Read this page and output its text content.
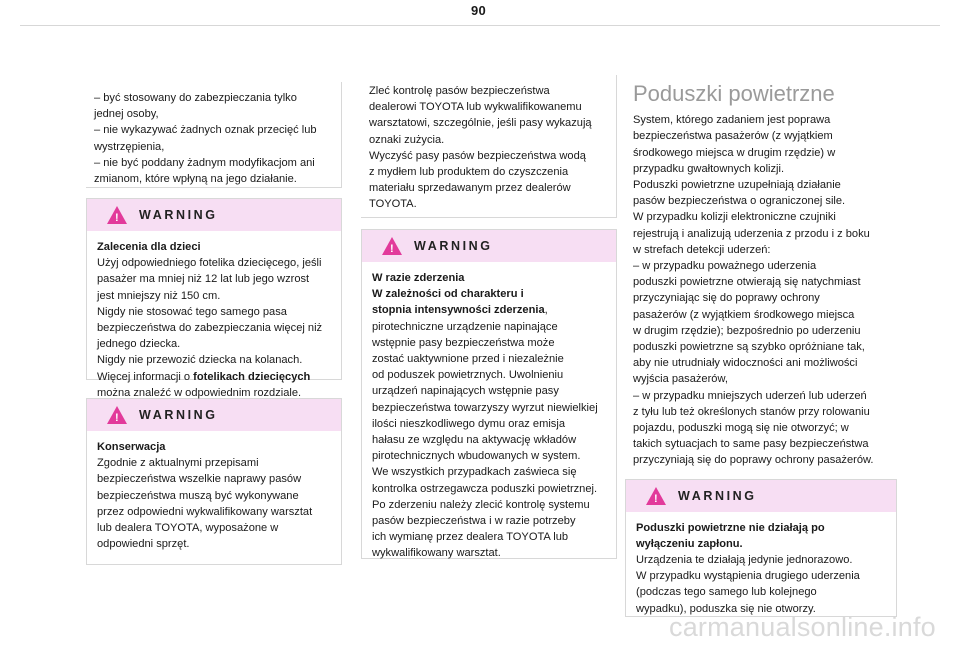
90
– być stosowany do zabezpieczania tylko
jednej osoby,
– nie wykazywać żadnych oznak przecięć lub
wystrzępienia,
– nie być poddany żadnym modyfikacjom ani
zmianom, które wpłyną na jego działanie.
! WARNING
Zalecenia dla dzieci
Użyj odpowiedniego fotelika dziecięcego, jeśli
pasażer ma mniej niż 12 lat lub jego wzrost
jest mniejszy niż 150 cm.
Nigdy nie stosować tego samego pasa
bezpieczeństwa do zabezpieczania więcej niż
jednego dziecka.
Nigdy nie przewozić dziecka na kolanach.
Więcej informacji o fotelikach dziecięcych
można znaleźć w odpowiednim rozdziale.
! WARNING
Konserwacja
Zgodnie z aktualnymi przepisami
bezpieczeństwa wszelkie naprawy pasów
bezpieczeństwa muszą być wykonywane
przez odpowiedni wykwalifikowany warsztat
lub dealera TOYOTA, wyposażone w
odpowiedni sprzęt.
Zleć kontrolę pasów bezpieczeństwa
dealerowi TOYOTA lub wykwalifikowanemu
warsztatowi, szczególnie, jeśli pasy wykazują
oznaki zużycia.
Wyczyść pasy pasów bezpieczeństwa wodą
z mydłem lub produktem do czyszczenia
materiału sprzedawanym przez dealerów
TOYOTA.
! WARNING
W razie zderzenia
W zależności od charakteru i
stopnia intensywności zderzenia,
pirotechniczne urządzenie napinające
wstępnie pasy bezpieczeństwa może
zostać uaktywnione przed i niezależnie
od poduszek powietrznych. Uwolnieniu
urządzeń napinających wstępnie pasy
bezpieczeństwa towarzyszy wyrzut niewielkiej
ilości nieszkodliwego dymu oraz emisja
hałasu ze względu na aktywację wkładów
pirotechnicznych wbudowanych w system.
We wszystkich przypadkach zaświeca się
kontrolka ostrzegawcza poduszki powietrznej.
Po zderzeniu należy zlecić kontrolę systemu
pasów bezpieczeństwa i w razie potrzeby
ich wymianę przez dealera TOYOTA lub
wykwalifikowany warsztat.
Poduszki powietrzne
System, którego zadaniem jest poprawa
bezpieczeństwa pasażerów (z wyjątkiem
środkowego miejsca w drugim rzędzie) w
przypadku gwałtownych kolizji.
Poduszki powietrzne uzupełniają działanie
pasów bezpieczeństwa o ograniczonej sile.
W przypadku kolizji elektroniczne czujniki
rejestrują i analizują uderzenia z przodu i z boku
w strefach detekcji uderzeń:
– w przypadku poważnego uderzenia
poduszki powietrzne otwierają się natychmiast
przyczyniając się do poprawy ochrony
pasażerów (z wyjątkiem środkowego miejsca
w drugim rzędzie); bezpośrednio po uderzeniu
poduszki powietrzne są szybko opróżniane tak,
aby nie utrudniały widoczności ani możliwości
wyjścia pasażerów,
– w przypadku mniejszych uderzeń lub uderzeń
z tyłu lub też określonych stanów przy rolowaniu
pojazdu, poduszki mogą się nie otworzyć; w
takich sytuacjach to same pasy bezpieczeństwa
przyczyniają się do poprawy ochrony pasażerów.
! WARNING
Poduszki powietrzne nie działają po
wyłączeniu zapłonu.
Urządzenia te działają jedynie jednorazowo.
W przypadku wystąpienia drugiego uderzenia
(podczas tego samego lub kolejnego
wypadku), poduszka się nie otworzy.
carmanualsonline.info
